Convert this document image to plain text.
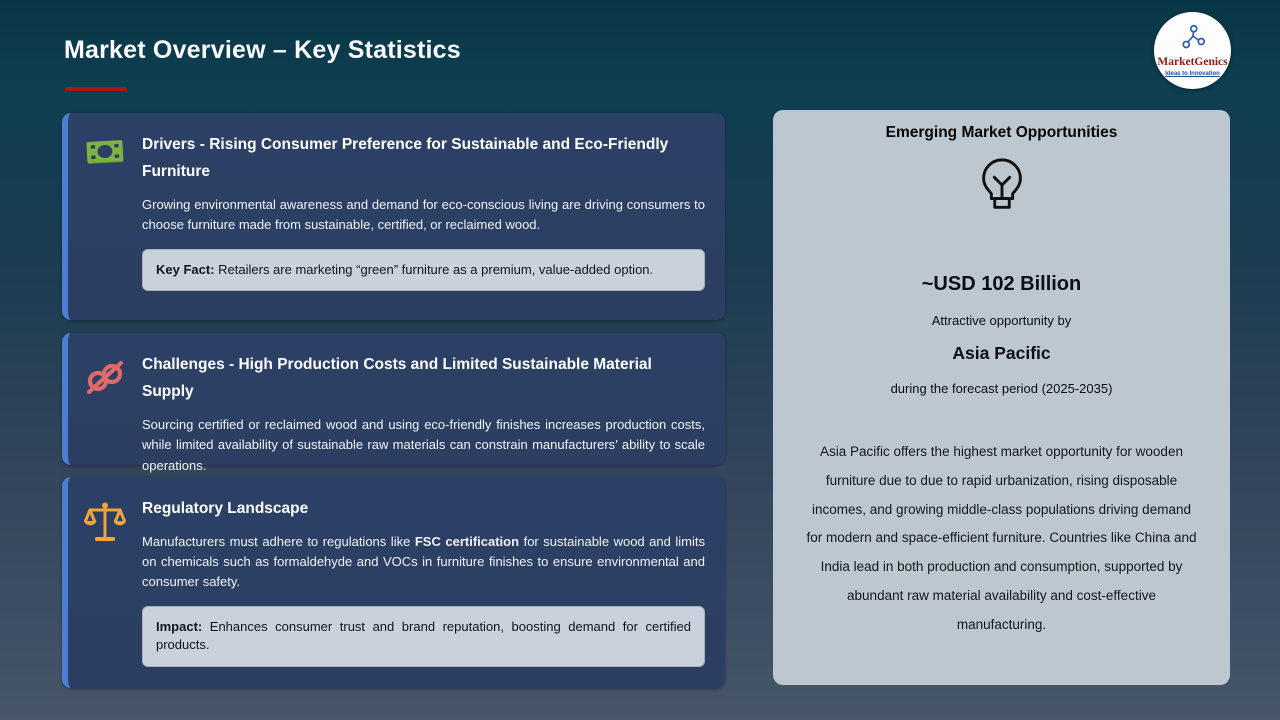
Market Overview – Key Statistics	MarketGenics
Ideas to Innovation
Drivers - Rising Consumer Preference for Sustainable and Eco-Friendly Furniture
Growing environmental awareness and demand for eco-conscious living are driving consumers to choose furniture made from sustainable, certified, or reclaimed wood.
Key Fact: Retailers are marketing “green” furniture as a premium, value-added option.
Challenges - High Production Costs and Limited Sustainable Material Supply
Sourcing certified or reclaimed wood and using eco-friendly finishes increases production costs, while limited availability of sustainable raw materials can constrain manufacturers’ ability to scale operations.
Regulatory Landscape
Manufacturers must adhere to regulations like FSC certification for sustainable wood and limits on chemicals such as formaldehyde and VOCs in furniture finishes to ensure environmental and consumer safety.
Impact: Enhances consumer trust and brand reputation, boosting demand for certified products.
Emerging Market Opportunities
~USD 102 Billion
Attractive opportunity by
Asia Pacific
during the forecast period (2025-2035)
Asia Pacific offers the highest market opportunity for wooden furniture due to due to rapid urbanization, rising disposable incomes, and growing middle-class populations driving demand for modern and space-efficient furniture. Countries like China and India lead in both production and consumption, supported by abundant raw material availability and cost-effective manufacturing.
